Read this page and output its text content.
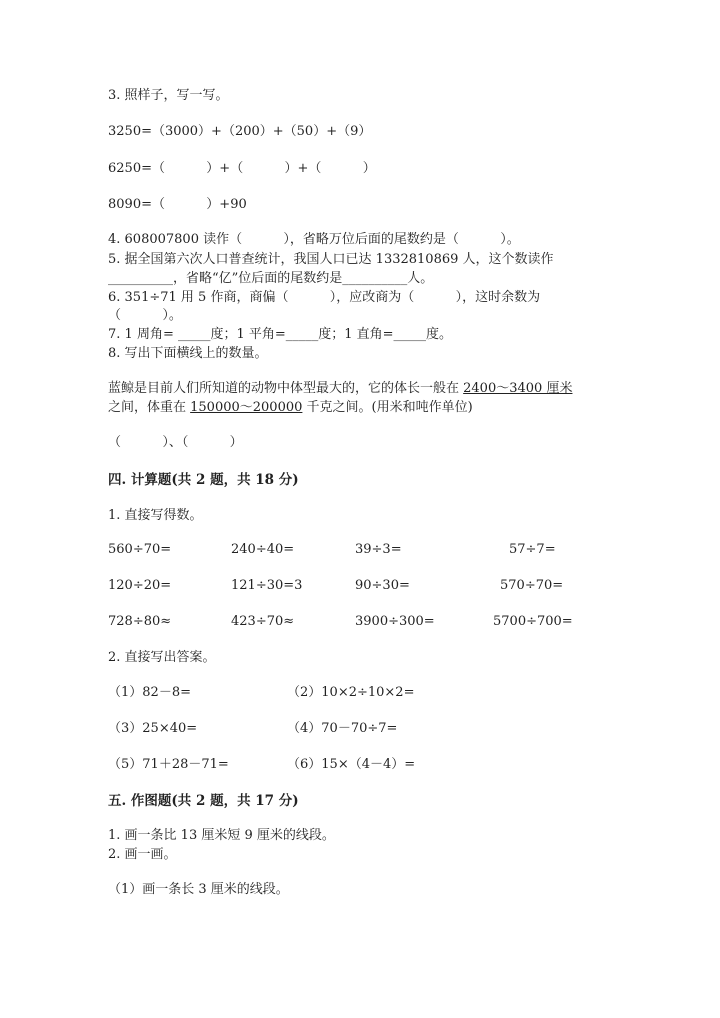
3. 照样子，写一写。
3250=（3000）+（200）+（50）+（9）
6250=（          ）+（          ）+（          ）
8090=（          ）+90
4. 608007800 读作（          ），省略万位后面的尾数约是（          ）。
5. 据全国第六次人口普查统计，我国人口已达 1332810869 人，这个数读作
__________，省略“亿”位后面的尾数约是__________人。
6. 351÷71 用 5 作商，商偏（          ），应改商为（          ），这时余数为
（          ）。
7. 1 周角= _____度；1 平角=_____度；1 直角=_____度。
8. 写出下面横线上的数量。
蓝鲸是目前人们所知道的动物中体型最大的，它的体长一般在 2400～3400 厘米
之间，体重在 150000～200000 千克之间。(用米和吨作单位)
（          ）、（          ）
四. 计算题(共 2 题，共 18 分)
1. 直接写得数。
560÷70=	240÷40=	39÷3=	57÷7=
120÷20=	121÷30=3	90÷30=	570÷70=
728÷80≈	423÷70≈	3900÷300=	5700÷700=
2. 直接写出答案。
（1）82－8=	（2）10×2÷10×2=
（3）25×40=	（4）70－70÷7=
（5）71＋28－71=	（6）15×（4－4）=
五. 作图题(共 2 题，共 17 分)
1. 画一条比 13 厘米短 9 厘米的线段。
2. 画一画。
（1）画一条长 3 厘米的线段。
